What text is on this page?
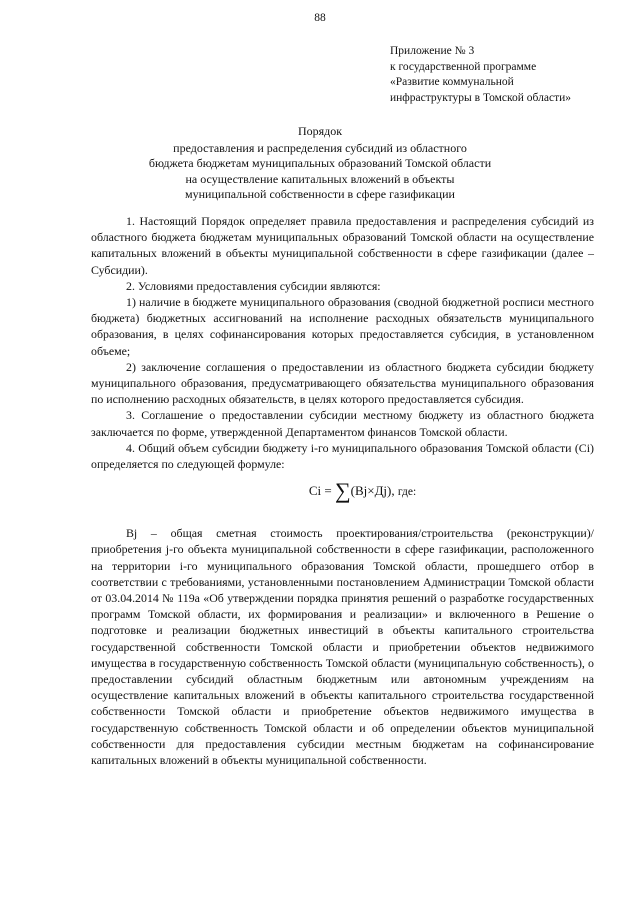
88
Приложение № 3
к государственной программе
«Развитие коммунальной
инфраструктуры в Томской области»
Порядок
предоставления и распределения субсидий из областного
бюджета бюджетам муниципальных образований Томской области
на осуществление капитальных вложений в объекты
муниципальной собственности в сфере газификации

1. Настоящий Порядок определяет правила предоставления и распределения субсидий из областного бюджета бюджетам муниципальных образований Томской области на осуществление капитальных вложений в объекты муниципальной собственности в сфере газификации (далее – Субсидии).

2. Условиями предоставления субсидии являются:

1) наличие в бюджете муниципального образования (сводной бюджетной росписи местного бюджета) бюджетных ассигнований на исполнение расходных обязательств муниципального образования, в целях софинансирования которых предоставляется субсидия, в установленном объеме;

2) заключение соглашения о предоставлении из областного бюджета субсидии бюджету муниципального образования, предусматривающего обязательства муниципального образования по исполнению расходных обязательств, в целях которого предоставляется субсидия.

3. Соглашение о предоставлении субсидии местному бюджету из областного бюджета заключается по форме, утвержденной Департаментом финансов Томской области.

4. Общий объем субсидии бюджету i-го муниципального образования Томской области (Ci) определяется по следующей формуле:

Ci = ∑(Bj×Дj), где:

Bj – общая сметная стоимость проектирования/строительства (реконструкции)/приобретения j-го объекта муниципальной собственности в сфере газификации, расположенного на территории i-го муниципального образования Томской области, прошедшего отбор в соответствии с требованиями, установленными постановлением Администрации Томской области от 03.04.2014 № 119а «Об утверждении порядка принятия решений о разработке государственных программ Томской области, их формирования и реализации» и включенного в Решение о подготовке и реализации бюджетных инвестиций в объекты капитального строительства государственной собственности Томской области и приобретении объектов недвижимого имущества в государственную собственность Томской области (муниципальную собственность), о предоставлении субсидий областным бюджетным или автономным учреждениям на осуществление капитальных вложений в объекты капитального строительства государственной собственности Томской области и приобретение объектов недвижимого имущества в государственную собственность Томской области и об определении объектов муниципальной собственности для предоставления субсидии местным бюджетам на софинансирование капитальных вложений в объекты муниципальной собственности.
